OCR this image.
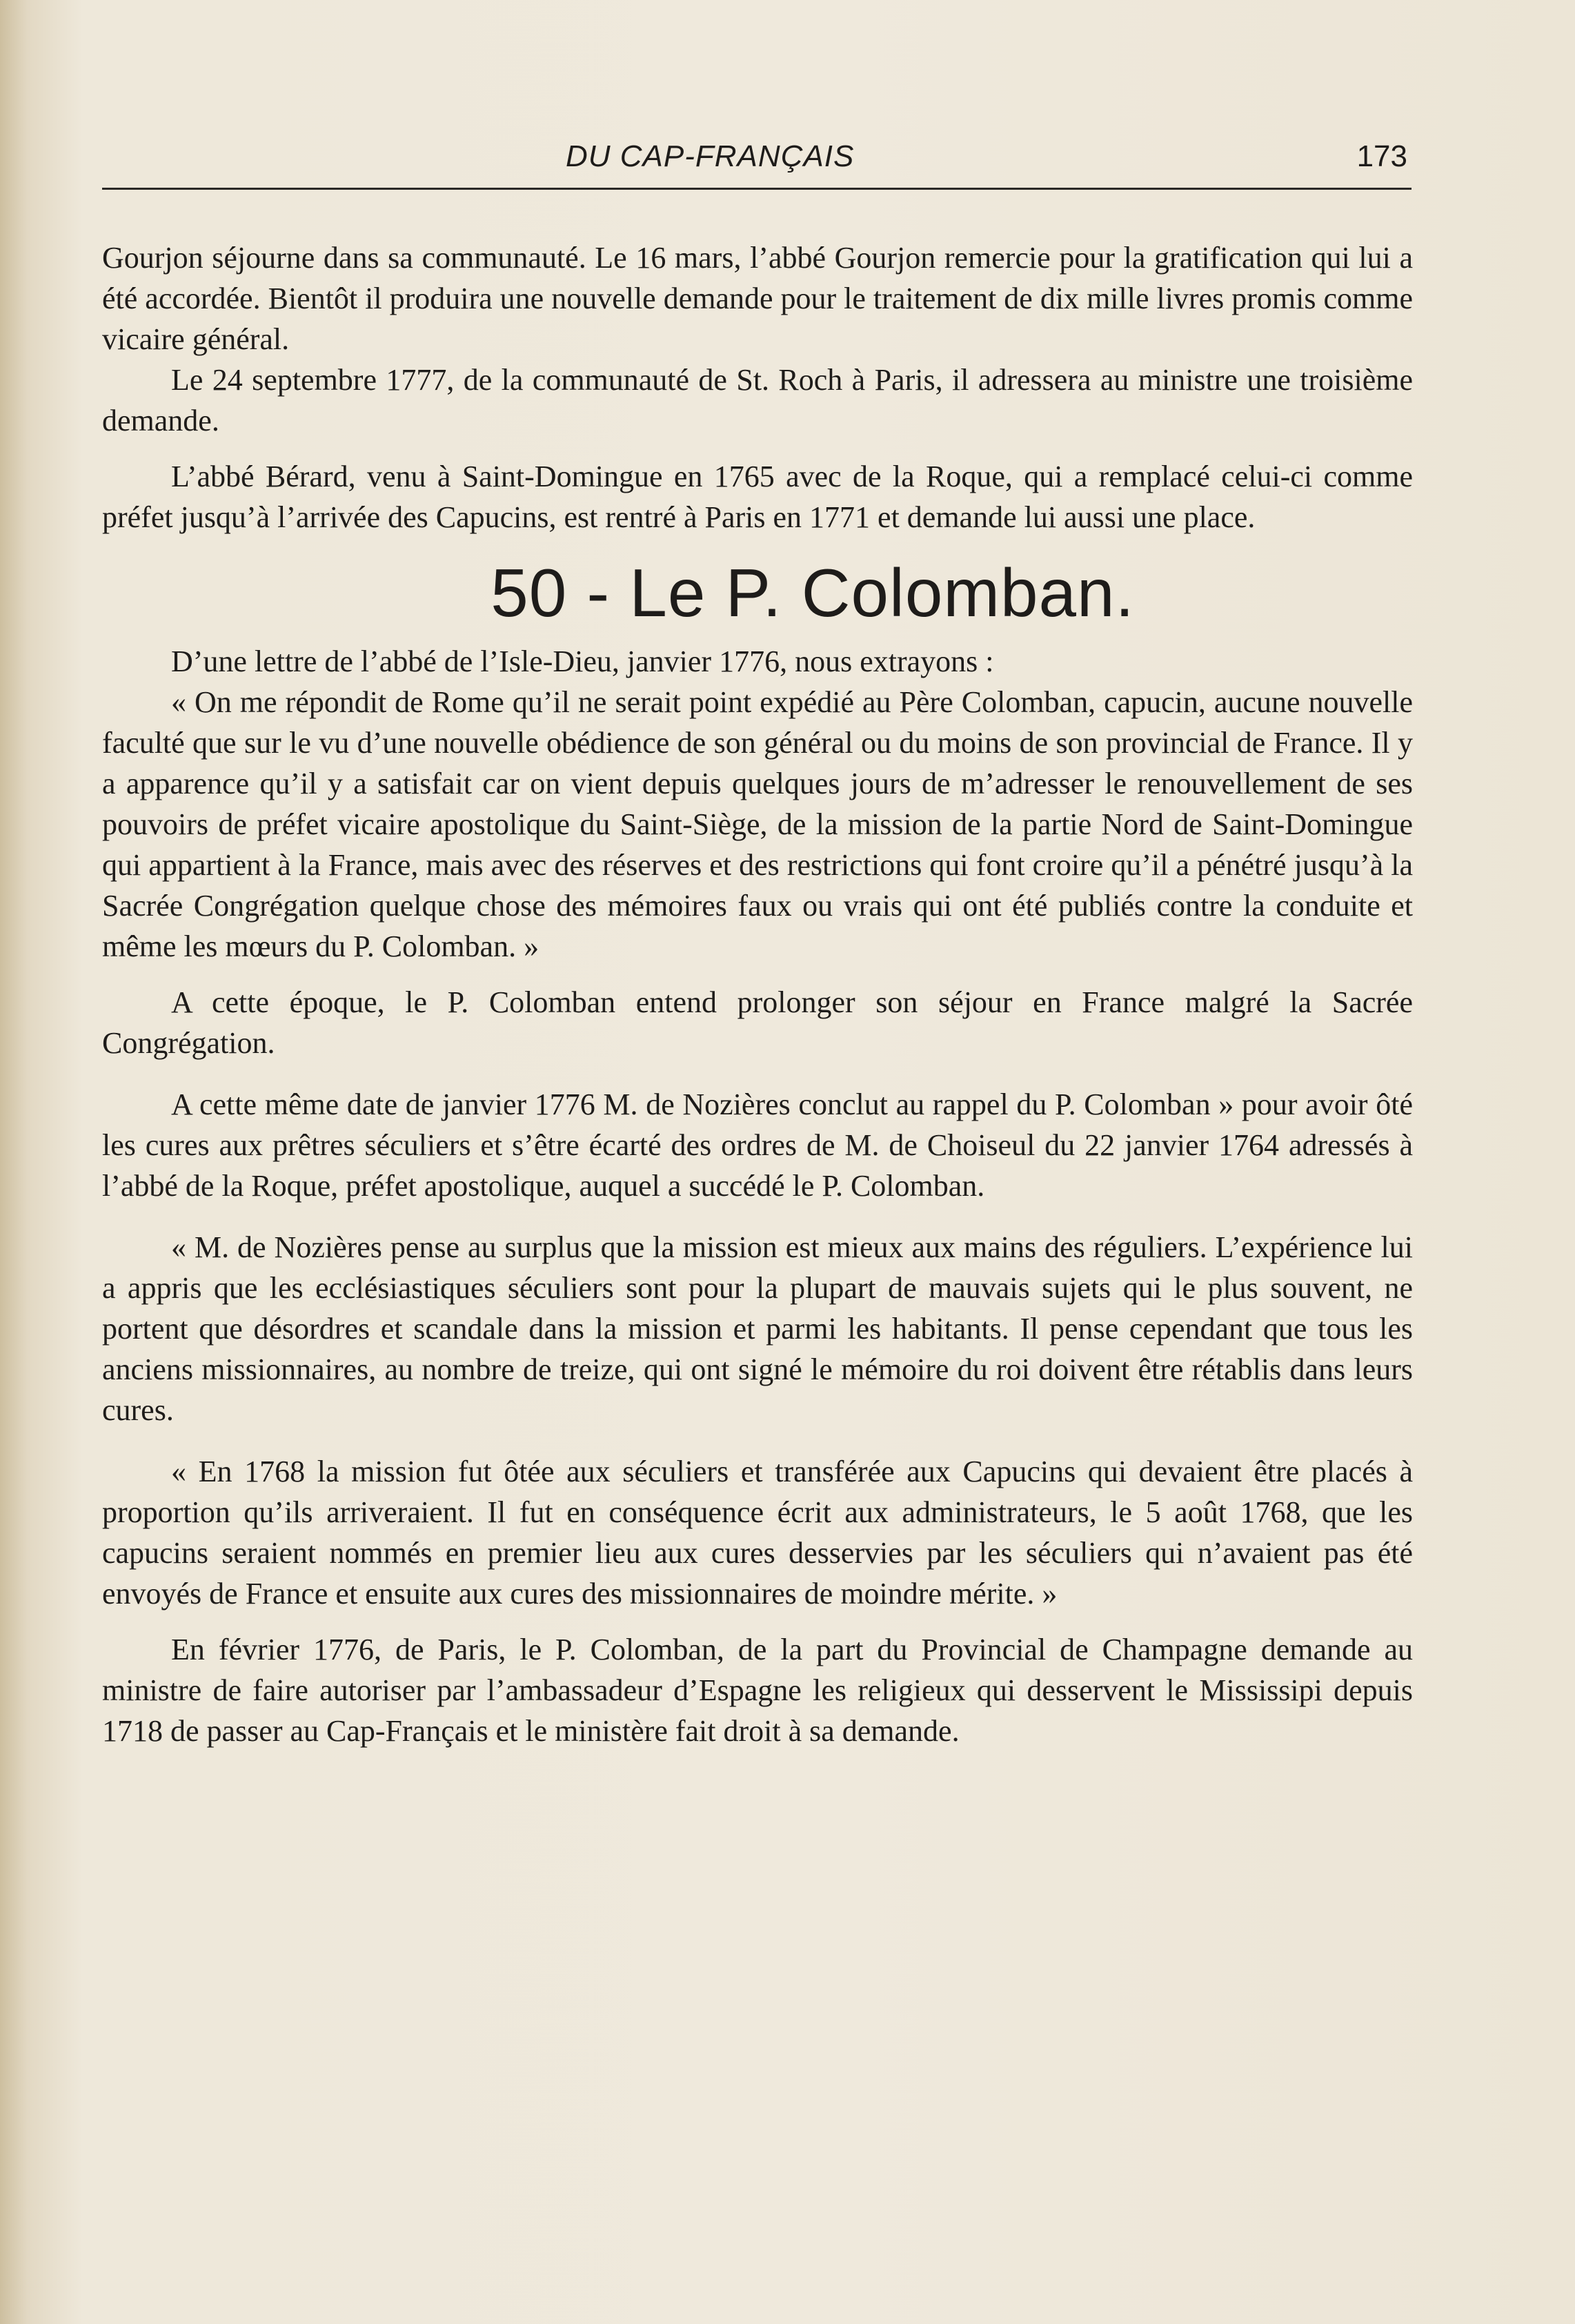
DU CAP-FRANÇAIS	173

Gourjon séjourne dans sa communauté. Le 16 mars, l’abbé Gourjon remercie pour la gratification qui lui a été accordée. Bientôt il produira une nouvelle demande pour le traitement de dix mille livres promis comme vicaire général.

Le 24 septembre 1777, de la communauté de St. Roch à Paris, il adressera au ministre une troisième demande.

L’abbé Bérard, venu à Saint-Domingue en 1765 avec de la Roque, qui a remplacé celui-ci comme préfet jusqu’à l’arrivée des Capucins, est rentré à Paris en 1771 et demande lui aussi une place.

50 - Le P. Colomban.

D’une lettre de l’abbé de l’Isle-Dieu, janvier 1776, nous extrayons :

« On me répondit de Rome qu’il ne serait point expédié au Père Colomban, capucin, aucune nouvelle faculté que sur le vu d’une nouvelle obédience de son général ou du moins de son provincial de France. Il y a apparence qu’il y a satisfait car on vient depuis quelques jours de m’adresser le renouvellement de ses pouvoirs de préfet vicaire apostolique du Saint-Siège, de la mission de la partie Nord de Saint-Domingue qui appartient à la France, mais avec des réserves et des restrictions qui font croire qu’il a pénétré jusqu’à la Sacrée Congrégation quelque chose des mémoires faux ou vrais qui ont été publiés contre la conduite et même les mœurs du P. Colomban. »

A cette époque, le P. Colomban entend prolonger son séjour en France malgré la Sacrée Congrégation.

A cette même date de janvier 1776 M. de Nozières conclut au rappel du P. Colomban » pour avoir ôté les cures aux prêtres séculiers et s’être écarté des ordres de M. de Choiseul du 22 janvier 1764 adressés à l’abbé de la Roque, préfet apostolique, auquel a succédé le P. Colomban.

« M. de Nozières pense au surplus que la mission est mieux aux mains des réguliers. L’expérience lui a appris que les ecclésiastiques séculiers sont pour la plupart de mauvais sujets qui le plus souvent, ne portent que désordres et scandale dans la mission et parmi les habitants. Il pense cependant que tous les anciens missionnaires, au nombre de treize, qui ont signé le mémoire du roi doivent être rétablis dans leurs cures.

« En 1768 la mission fut ôtée aux séculiers et transférée aux Capucins qui devaient être placés à proportion qu’ils arriveraient. Il fut en conséquence écrit aux administrateurs, le 5 août 1768, que les capucins seraient nommés en premier lieu aux cures desservies par les séculiers qui n’avaient pas été envoyés de France et ensuite aux cures des missionnaires de moindre mérite. »

En février 1776, de Paris, le P. Colomban, de la part du Provincial de Champagne demande au ministre de faire autoriser par l’ambassadeur d’Espagne les religieux qui desservent le Mississipi depuis 1718 de passer au Cap-Français et le ministère fait droit à sa demande.
